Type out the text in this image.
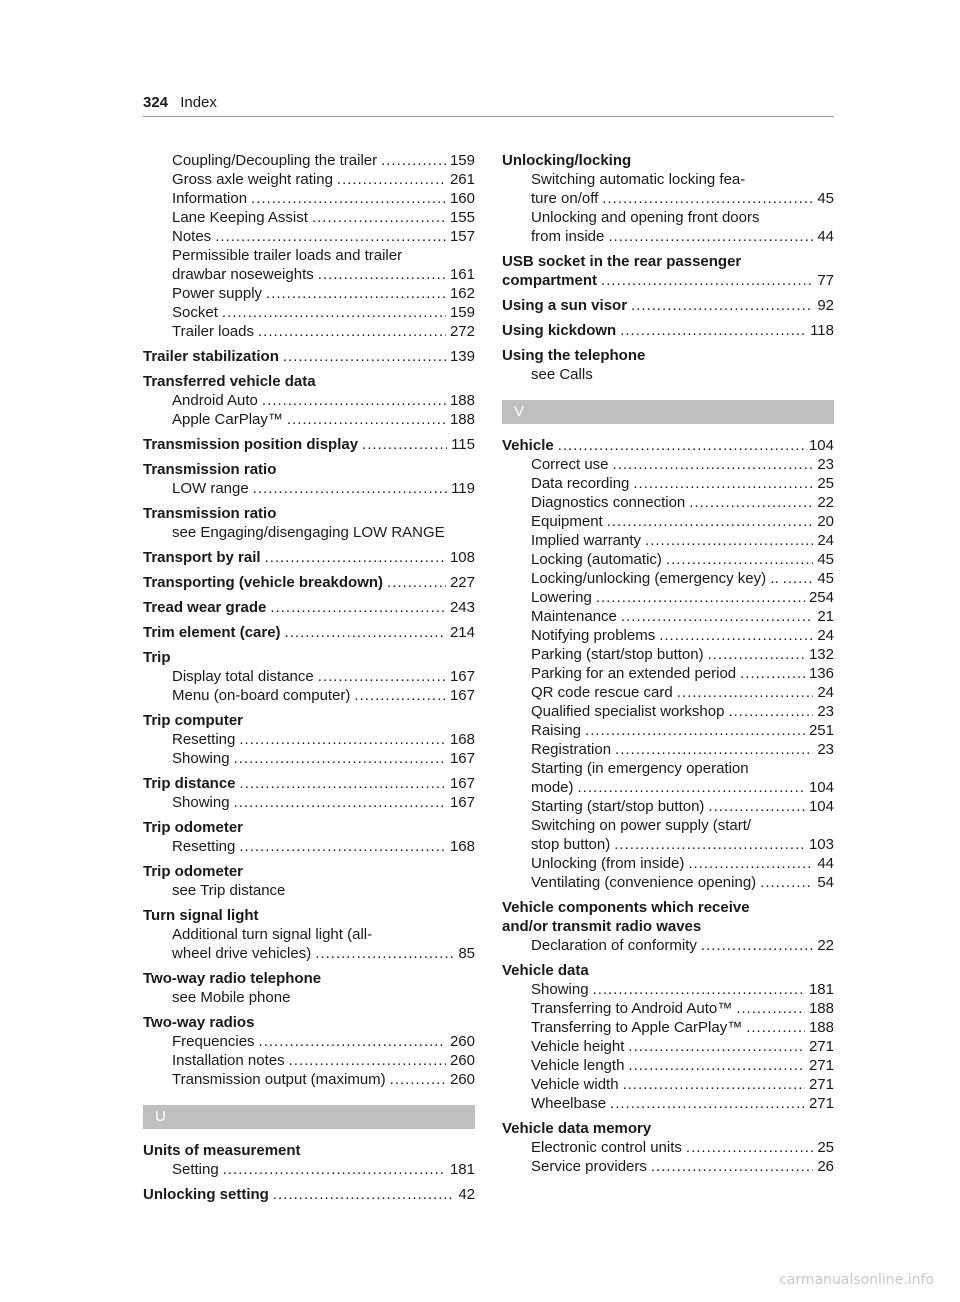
324 Index
Coupling/Decoupling the trailer .....	159
Gross axle weight rating .....	261
Information .....	160
Lane Keeping Assist .....	155
Notes .....	157
Permissible trailer loads and trailer
drawbar noseweights .....	161
Power supply .....	162
Socket .....	159
Trailer loads .....	272
Trailer stabilization .....	139
Transferred vehicle data
Android Auto .....	188
Apple CarPlay™ .....	188
Transmission position display .....	115
Transmission ratio
LOW range .....	119
Transmission ratio
see Engaging/disengaging LOW RANGE
Transport by rail .....	108
Transporting (vehicle breakdown) .....	227
Tread wear grade .....	243
Trim element (care) .....	214
Trip
Display total distance .....	167
Menu (on-board computer) .....	167
Trip computer
Resetting .....	168
Showing .....	167
Trip distance .....	167
Showing .....	167
Trip odometer
Resetting .....	168
Trip odometer
see Trip distance
Turn signal light
Additional turn signal light (all-
wheel drive vehicles) .....	85
Two-way radio telephone
see Mobile phone
Two-way radios
Frequencies .....	260
Installation notes .....	260
Transmission output (maximum) .....	260
U
Units of measurement
Setting .....	181
Unlocking setting .....	42
Unlocking/locking
Switching automatic locking fea-
ture on/off .....	45
Unlocking and opening front doors
from inside .....	44
USB socket in the rear passenger
compartment .....	77
Using a sun visor .....	92
Using kickdown .....	118
Using the telephone
see Calls
V
Vehicle .....	104
Correct use .....	23
Data recording .....	25
Diagnostics connection .....	22
Equipment .....	20
Implied warranty .....	24
Locking (automatic) .....	45
Locking/unlocking (emergency key) .. .....	45
Lowering .....	254
Maintenance .....	21
Notifying problems .....	24
Parking (start/stop button) .....	132
Parking for an extended period .....	136
QR code rescue card .....	24
Qualified specialist workshop .....	23
Raising .....	251
Registration .....	23
Starting (in emergency operation
mode) .....	104
Starting (start/stop button) .....	104
Switching on power supply (start/
stop button) .....	103
Unlocking (from inside) .....	44
Ventilating (convenience opening) .....	54
Vehicle components which receive
and/or transmit radio waves
Declaration of conformity .....	22
Vehicle data
Showing .....	181
Transferring to Android Auto™ .....	188
Transferring to Apple CarPlay™ .....	188
Vehicle height .....	271
Vehicle length .....	271
Vehicle width .....	271
Wheelbase .....	271
Vehicle data memory
Electronic control units .....	25
Service providers .....	26
carmanualsonline.info
